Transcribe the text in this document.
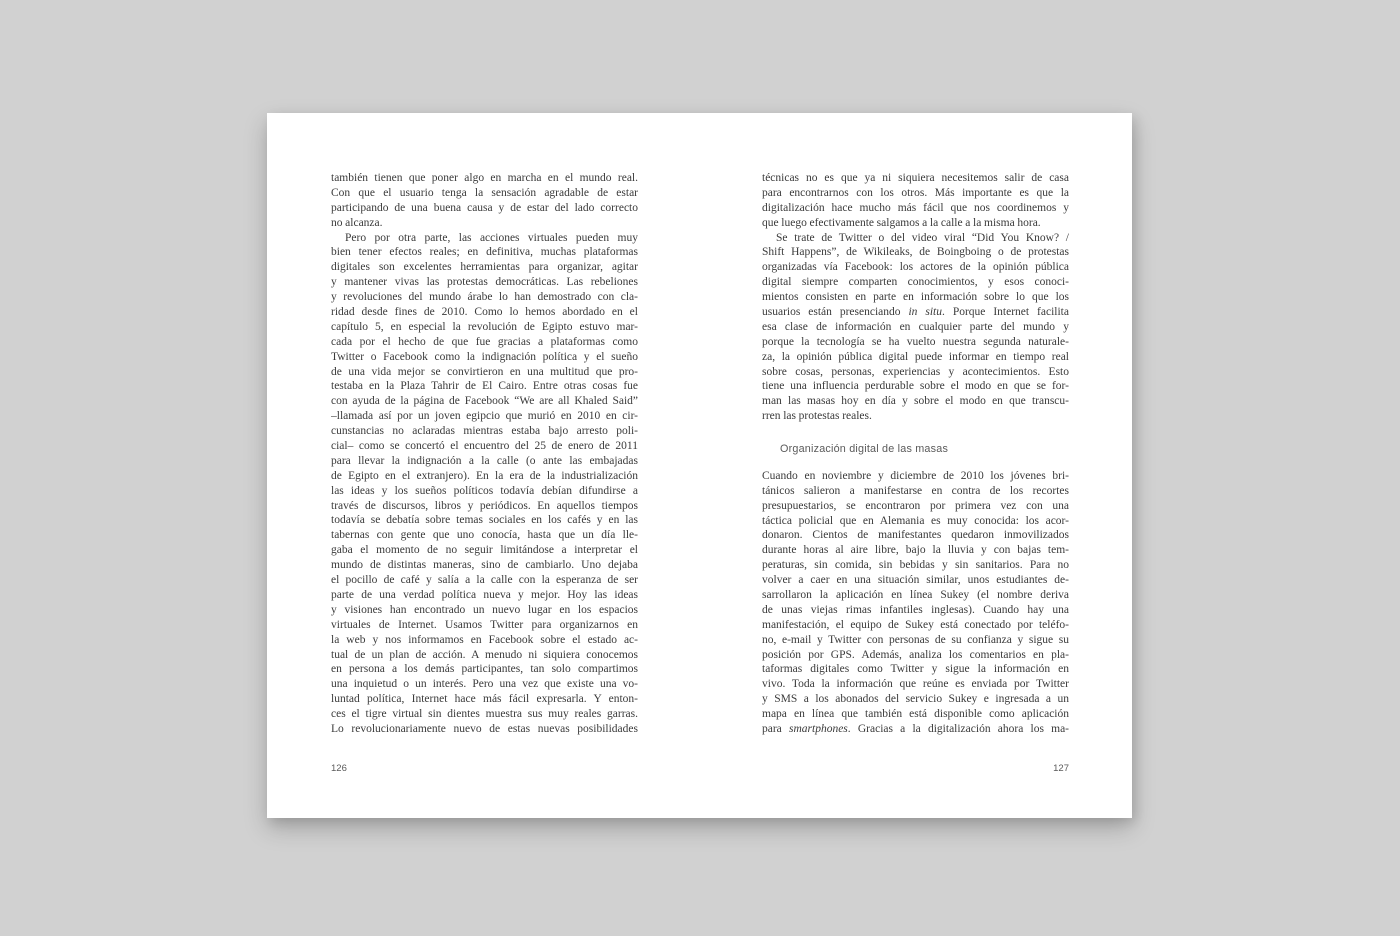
también tienen que poner algo en marcha en el mundo real.
Con que el usuario tenga la sensación agradable de estar
participando de una buena causa y de estar del lado correcto
no alcanza.
Pero por otra parte, las acciones virtuales pueden muy
bien tener efectos reales; en definitiva, muchas plataformas
digitales son excelentes herramientas para organizar, agitar
y mantener vivas las protestas democráticas. Las rebeliones
y revoluciones del mundo árabe lo han demostrado con cla-
ridad desde fines de 2010. Como lo hemos abordado en el
capítulo 5, en especial la revolución de Egipto estuvo mar-
cada por el hecho de que fue gracias a plataformas como
Twitter o Facebook como la indignación política y el sueño
de una vida mejor se convirtieron en una multitud que pro-
testaba en la Plaza Tahrir de El Cairo. Entre otras cosas fue
con ayuda de la página de Facebook “We are all Khaled Said”
–llamada así por un joven egipcio que murió en 2010 en cir-
cunstancias no aclaradas mientras estaba bajo arresto poli-
cial– como se concertó el encuentro del 25 de enero de 2011
para llevar la indignación a la calle (o ante las embajadas
de Egipto en el extranjero). En la era de la industrialización
las ideas y los sueños políticos todavía debían difundirse a
través de discursos, libros y periódicos. En aquellos tiempos
todavía se debatía sobre temas sociales en los cafés y en las
tabernas con gente que uno conocía, hasta que un día lle-
gaba el momento de no seguir limitándose a interpretar el
mundo de distintas maneras, sino de cambiarlo. Uno dejaba
el pocillo de café y salía a la calle con la esperanza de ser
parte de una verdad política nueva y mejor. Hoy las ideas
y visiones han encontrado un nuevo lugar en los espacios
virtuales de Internet. Usamos Twitter para organizarnos en
la web y nos informamos en Facebook sobre el estado ac-
tual de un plan de acción. A menudo ni siquiera conocemos
en persona a los demás participantes, tan solo compartimos
una inquietud o un interés. Pero una vez que existe una vo-
luntad política, Internet hace más fácil expresarla. Y enton-
ces el tigre virtual sin dientes muestra sus muy reales garras.
Lo revolucionariamente nuevo de estas nuevas posibilidades
126
técnicas no es que ya ni siquiera necesitemos salir de casa
para encontrarnos con los otros. Más importante es que la
digitalización hace mucho más fácil que nos coordinemos y
que luego efectivamente salgamos a la calle a la misma hora.
Se trate de Twitter o del video viral “Did You Know? /
Shift Happens”, de Wikileaks, de Boingboing o de protestas
organizadas vía Facebook: los actores de la opinión pública
digital siempre comparten conocimientos, y esos conoci-
mientos consisten en parte en información sobre lo que los
usuarios están presenciando in situ. Porque Internet facilita
esa clase de información en cualquier parte del mundo y
porque la tecnología se ha vuelto nuestra segunda naturale-
za, la opinión pública digital puede informar en tiempo real
sobre cosas, personas, experiencias y acontecimientos. Esto
tiene una influencia perdurable sobre el modo en que se for-
man las masas hoy en día y sobre el modo en que transcu-
rren las protestas reales.
Organización digital de las masas
Cuando en noviembre y diciembre de 2010 los jóvenes bri-
tánicos salieron a manifestarse en contra de los recortes
presupuestarios, se encontraron por primera vez con una
táctica policial que en Alemania es muy conocida: los acor-
donaron. Cientos de manifestantes quedaron inmovilizados
durante horas al aire libre, bajo la lluvia y con bajas tem-
peraturas, sin comida, sin bebidas y sin sanitarios. Para no
volver a caer en una situación similar, unos estudiantes de-
sarrollaron la aplicación en línea Sukey (el nombre deriva
de unas viejas rimas infantiles inglesas). Cuando hay una
manifestación, el equipo de Sukey está conectado por teléfo-
no, e-mail y Twitter con personas de su confianza y sigue su
posición por GPS. Además, analiza los comentarios en pla-
taformas digitales como Twitter y sigue la información en
vivo. Toda la información que reúne es enviada por Twitter
y SMS a los abonados del servicio Sukey e ingresada a un
mapa en línea que también está disponible como aplicación
para smartphones. Gracias a la digitalización ahora los ma-
127
